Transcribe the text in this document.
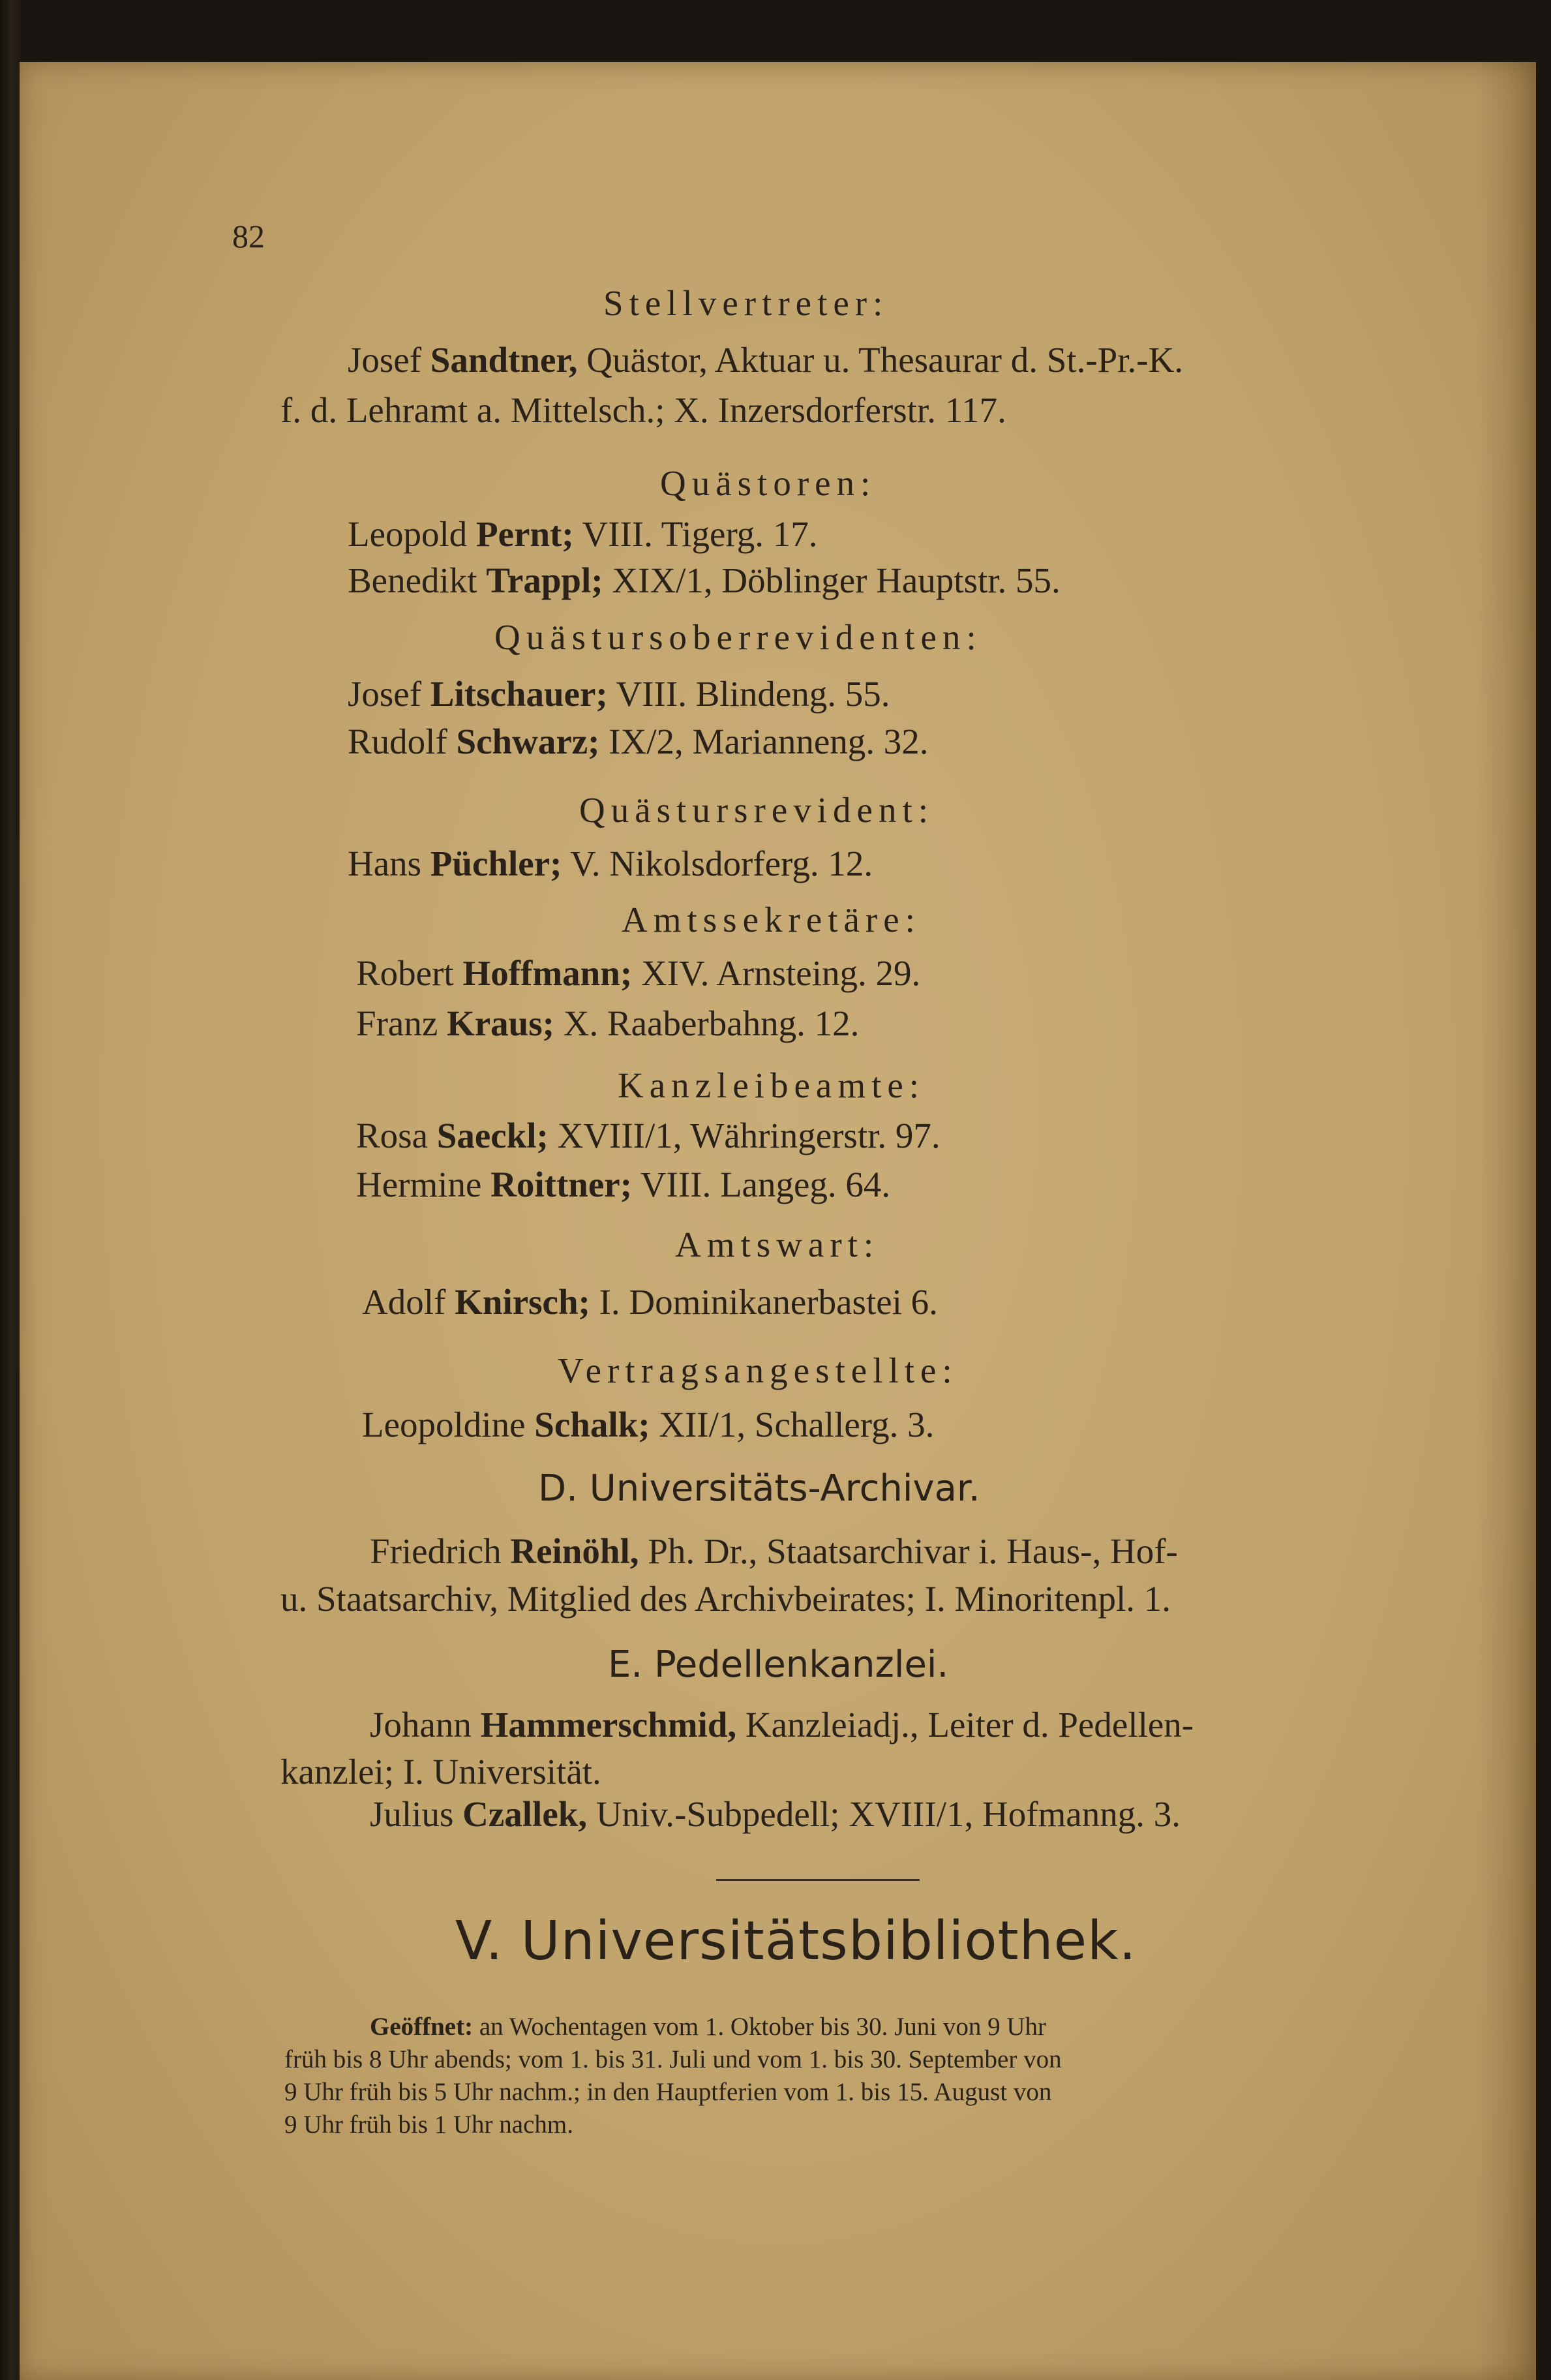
82
Stellvertreter:
Josef Sandtner, Quästor, Aktuar u. Thesaurar d. St.-Pr.-K.
f. d. Lehramt a. Mittelsch.; X. Inzersdorferstr. 117.
Quästoren:
Leopold Pernt; VIII. Tigerg. 17.
Benedikt Trappl; XIX/1, Döblinger Hauptstr. 55.
Quästursoberrevidenten:
Josef Litschauer; VIII. Blindeng. 55.
Rudolf Schwarz; IX/2, Marianneng. 32.
Quästursrevident:
Hans Püchler; V. Nikolsdorferg. 12.
Amtssekretäre:
Robert Hoffmann; XIV. Arnsteing. 29.
Franz Kraus; X. Raaberbahng. 12.
Kanzleibeamte:
Rosa Saeckl; XVIII/1, Währingerstr. 97.
Hermine Roittner; VIII. Langeg. 64.
Amtswart:
Adolf Knirsch; I. Dominikanerbastei 6.
Vertragsangestellte:
Leopoldine Schalk; XII/1, Schallerg. 3.
D. Universitäts-Archivar.
Friedrich Reinöhl, Ph. Dr., Staatsarchivar i. Haus-, Hof-
u. Staatsarchiv, Mitglied des Archivbeirates; I. Minoritenpl. 1.
E. Pedellenkanzlei.
Johann Hammerschmid, Kanzleiadj., Leiter d. Pedellen-
kanzlei; I. Universität.
Julius Czallek, Univ.-Subpedell; XVIII/1, Hofmanng. 3.
V. Universitätsbibliothek.
Geöffnet: an Wochentagen vom 1. Oktober bis 30. Juni von 9 Uhr
früh bis 8 Uhr abends; vom 1. bis 31. Juli und vom 1. bis 30. September von
9 Uhr früh bis 5 Uhr nachm.; in den Hauptferien vom 1. bis 15. August von
9 Uhr früh bis 1 Uhr nachm.
